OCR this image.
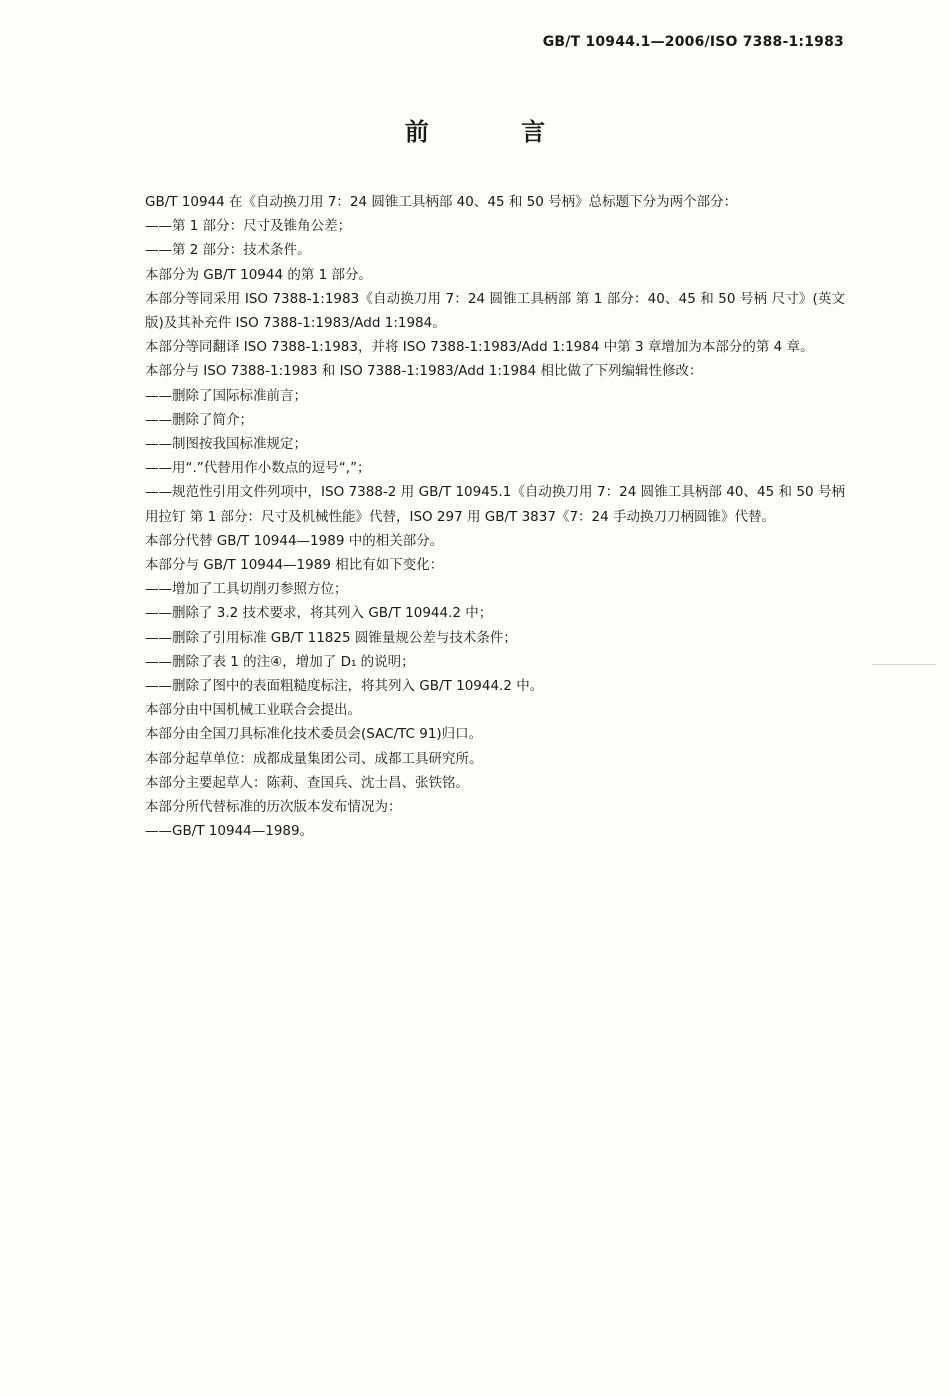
GB/T 10944.1—2006/ISO 7388-1:1983
前 言

GB/T 10944 在《自动换刀用 7：24 圆锥工具柄部 40、45 和 50 号柄》总标题下分为两个部分：

——第 1 部分：尺寸及锥角公差；

——第 2 部分：技术条件。

本部分为 GB/T 10944 的第 1 部分。

本部分等同采用 ISO 7388-1:1983《自动换刀用 7：24 圆锥工具柄部 第 1 部分：40、45 和 50 号柄 尺寸》(英文版)及其补充件 ISO 7388-1:1983/Add 1:1984。

本部分等同翻译 ISO 7388-1:1983，并将 ISO 7388-1:1983/Add 1:1984 中第 3 章增加为本部分的第 4 章。

本部分与 ISO 7388-1:1983 和 ISO 7388-1:1983/Add 1:1984 相比做了下列编辑性修改：

——删除了国际标准前言；

——删除了简介；

——制图按我国标准规定；

——用“.”代替用作小数点的逗号“,”；

——规范性引用文件列项中，ISO 7388-2 用 GB/T 10945.1《自动换刀用 7：24 圆锥工具柄部 40、45 和 50 号柄用拉钉 第 1 部分：尺寸及机械性能》代替，ISO 297 用 GB/T 3837《7：24 手动换刀刀柄圆锥》代替。

本部分代替 GB/T 10944—1989 中的相关部分。

本部分与 GB/T 10944—1989 相比有如下变化：

——增加了工具切削刃参照方位；

——删除了 3.2 技术要求，将其列入 GB/T 10944.2 中；

——删除了引用标准 GB/T 11825 圆锥量规公差与技术条件；

——删除了表 1 的注④，增加了 D₁ 的说明；

——删除了图中的表面粗糙度标注，将其列入 GB/T 10944.2 中。

本部分由中国机械工业联合会提出。

本部分由全国刀具标准化技术委员会(SAC/TC 91)归口。

本部分起草单位：成都成量集团公司、成都工具研究所。

本部分主要起草人：陈莉、查国兵、沈士昌、张铁铭。

本部分所代替标准的历次版本发布情况为：

——GB/T 10944—1989。
